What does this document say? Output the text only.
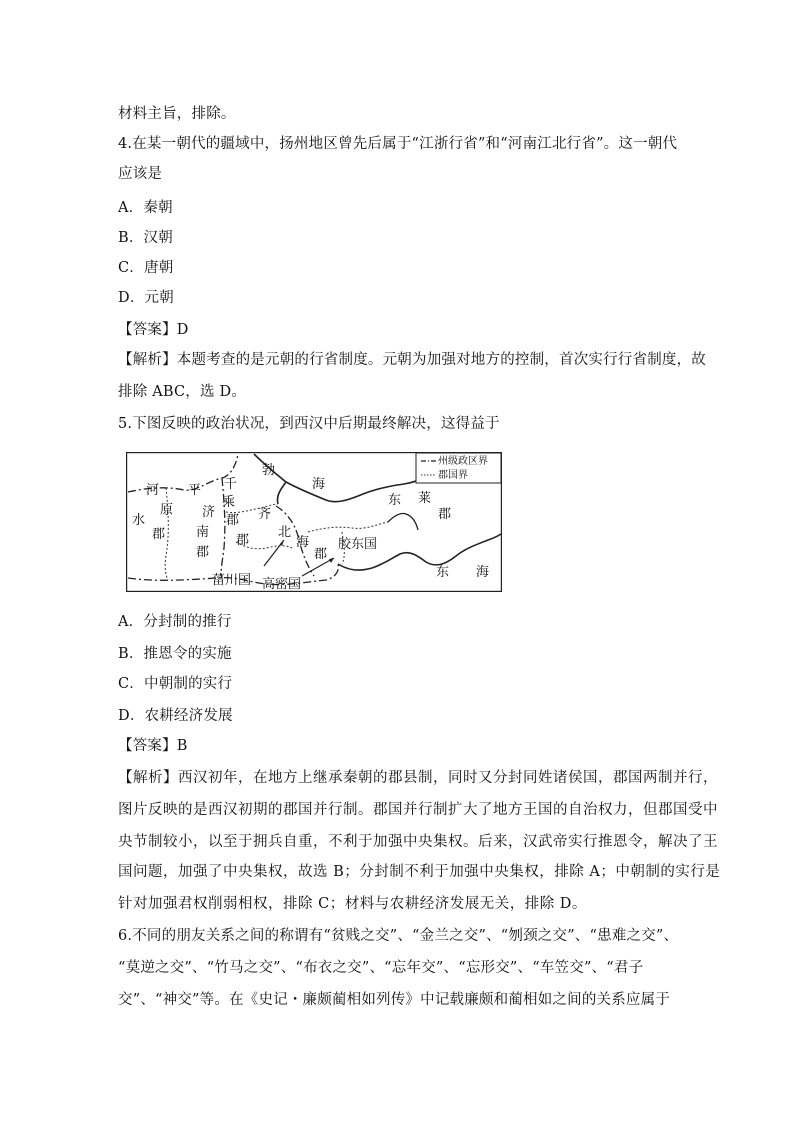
材料主旨，排除。
4.在某一朝代的疆域中，扬州地区曾先后属于“江浙行省”和“河南江北行省”。这一朝代
应该是
A．秦朝
B．汉朝
C．唐朝
D．元朝
【答案】D
【解析】本题考查的是元朝的行省制度。元朝为加强对地方的控制，首次实行行省制度，故
排除 ABC，选 D。
5.下图反映的政治状况，到西汉中后期最终解决，这得益于
州级政区界
郡国界
河
水
郡
平
原 济
南
郡
千
乘
郡 齐
郡
北
海
郡
勃
海
东 莱
郡
胶东国
菑川国 高密国
东 海
A．分封制的推行
B．推恩令的实施
C．中朝制的实行
D．农耕经济发展
【答案】B
【解析】西汉初年，在地方上继承秦朝的郡县制，同时又分封同姓诸侯国，郡国两制并行，
图片反映的是西汉初期的郡国并行制。郡国并行制扩大了地方王国的自治权力，但郡国受中
央节制较小，以至于拥兵自重，不利于加强中央集权。后来，汉武帝实行推恩令，解决了王
国问题，加强了中央集权，故选 B；分封制不利于加强中央集权，排除 A；中朝制的实行是
针对加强君权削弱相权，排除 C；材料与农耕经济发展无关，排除 D。
6.不同的朋友关系之间的称谓有“贫贱之交”、“金兰之交”、“刎颈之交”、“患难之交”、
“莫逆之交”、“竹马之交”、“布衣之交”、“忘年交”、“忘形交”、“车笠交”、“君子
交”、“神交”等。在《史记・廉颇蔺相如列传》中记载廉颇和蔺相如之间的关系应属于
